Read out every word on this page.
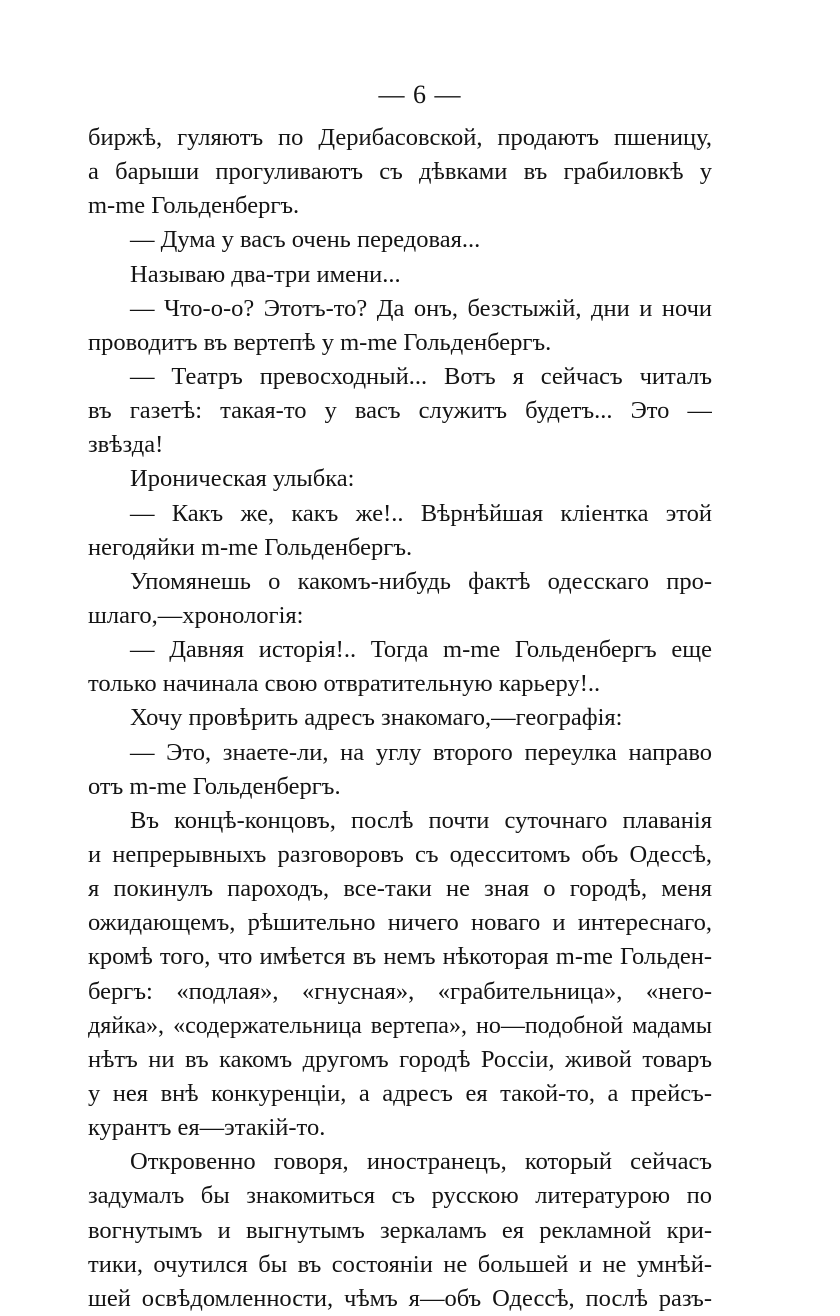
— 6 —
биржѣ, гуляютъ по Дерибасовской, продаютъ пшеницу,
а барыши прогуливаютъ съ дѣвками въ грабиловкѣ у
m-me Гольденбергъ.
— Дума у васъ очень передовая...
Называю два-три имени...
— Что-о-о? Этотъ-то? Да онъ, безстыжій, дни и ночи
проводитъ въ вертепѣ у m-me Гольденбергъ.
— Театръ превосходный... Вотъ я сейчасъ читалъ
въ газетѣ: такая-то у васъ служитъ будетъ... Это —
звѣзда!
Ироническая улыбка:
— Какъ же, какъ же!.. Вѣрнѣйшая кліентка этой
негодяйки m-me Гольденбергъ.
Упомянешь о какомъ-нибудь фактѣ одесскаго про-
шлаго,—хронологія:
— Давняя исторія!.. Тогда m-me Гольденбергъ еще
только начинала свою отвратительную карьеру!..
Хочу провѣрить адресъ знакомаго,—географія:
— Это, знаете-ли, на углу второго переулка направо
отъ m-me Гольденбергъ.
Въ концѣ-концовъ, послѣ почти суточнаго плаванія
и непрерывныхъ разговоровъ съ одесситомъ объ Одессѣ,
я покинулъ пароходъ, все-таки не зная о городѣ, меня
ожидающемъ, рѣшительно ничего новаго и интереснаго,
кромѣ того, что имѣется въ немъ нѣкоторая m-me Гольден-
бергъ: «подлая», «гнусная», «грабительница», «него-
дяйка», «содержательница вертепа», но—подобной мадамы
нѣтъ ни въ какомъ другомъ городѣ Россіи, живой товаръ
у нея внѣ конкуренціи, а адресъ ея такой-то, а прейсъ-
курантъ ея—этакій-то.
Откровенно говоря, иностранецъ, который сейчасъ
задумалъ бы знакомиться съ русскою литературою по
вогнутымъ и выгнутымъ зеркаламъ ея рекламной кри-
тики, очутился бы въ состояніи не большей и не умнѣй-
шей освѣдомленности, чѣмъ я—объ Одессѣ, послѣ разъ-
